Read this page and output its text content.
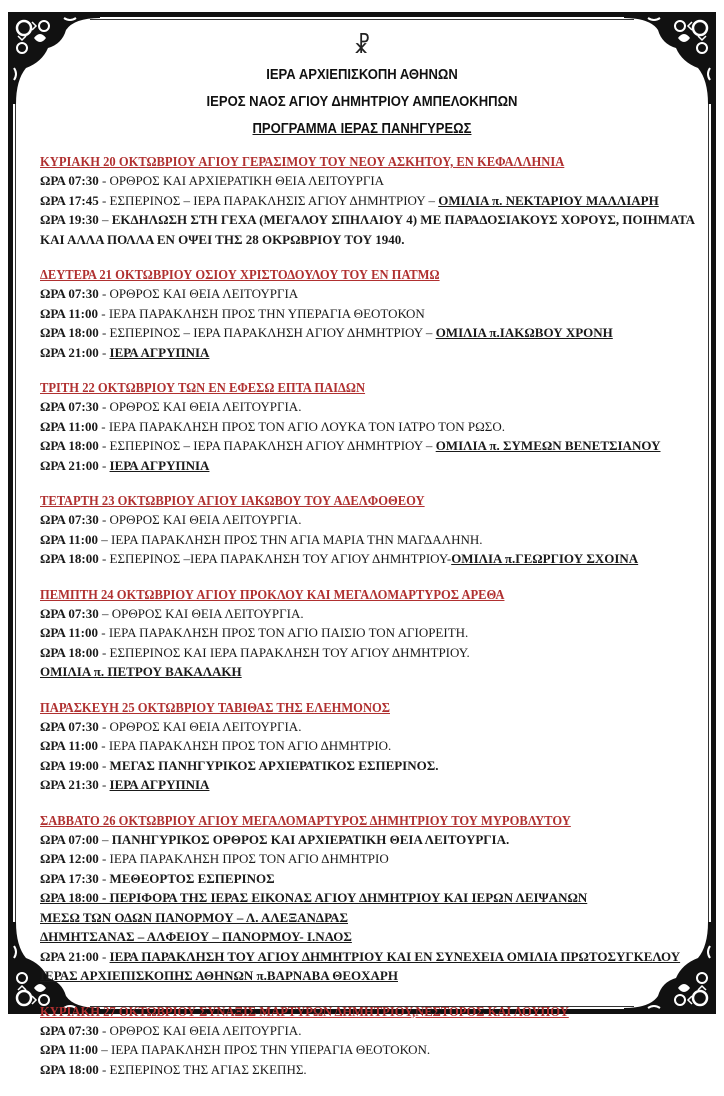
☧
ΙΕΡΑ ΑΡΧΙΕΠΙΣΚΟΠΗ ΑΘΗΝΩΝ
ΙΕΡΟΣ ΝΑΟΣ ΑΓΙΟΥ ΔΗΜΗΤΡΙΟΥ ΑΜΠΕΛΟΚΗΠΩΝ
ΠΡΟΓΡΑΜΜΑ ΙΕΡΑΣ ΠΑΝΗΓΥΡΕΩΣ
ΚΥΡΙΑΚΗ 20 ΟΚΤΩΒΡΙΟΥ ΑΓΙΟΥ ΓΕΡΑΣΙΜΟΥ ΤΟΥ ΝΕΟΥ ΑΣΚΗΤΟΥ, ΕΝ ΚΕΦΑΛΛΗΝΙΑ
ΩΡΑ 07:30 - ΟΡΘΡΟΣ ΚΑΙ ΑΡΧΙΕΡΑΤΙΚΗ ΘΕΙΑ ΛΕΙΤΟΥΡΓΙΑ
ΩΡΑ 17:45 - ΕΣΠΕΡΙΝΟΣ – ΙΕΡΑ ΠΑΡΑΚΛΗΣΙΣ ΑΓΙΟΥ ΔΗΜΗΤΡΙΟΥ – ΟΜΙΛΙΑ π. ΝΕΚΤΑΡΙΟΥ ΜΑΛΛΙΑΡΗ
ΩΡΑ 19:30 – ΕΚΔΗΛΩΣΗ ΣΤΗ ΓΕΧΑ (ΜΕΓΑΛΟΥ ΣΠΗΛΑΙΟΥ 4) ΜΕ ΠΑΡΑΔΟΣΙΑΚΟΥΣ ΧΟΡΟΥΣ, ΠΟΙΗΜΑΤΑ
ΚΑΙ ΑΛΛΑ ΠΟΛΛΑ ΕΝ ΟΨΕΙ ΤΗΣ 28 ΟΚΡΩΒΡΙΟΥ ΤΟΥ 1940.
ΔΕΥΤΕΡΑ 21 ΟΚΤΩΒΡΙΟΥ ΟΣΙΟΥ ΧΡΙΣΤΟΔΟΥΛΟΥ ΤΟΥ ΕΝ ΠΑΤΜΩ
ΩΡΑ 07:30 - ΟΡΘΡΟΣ ΚΑΙ ΘΕΙΑ ΛΕΙΤΟΥΡΓΙΑ
ΩΡΑ 11:00 - ΙΕΡΑ ΠΑΡΑΚΛΗΣΗ ΠΡΟΣ ΤΗΝ ΥΠΕΡΑΓΙΑ ΘΕΟΤΟΚΟΝ
ΩΡΑ 18:00 - ΕΣΠΕΡΙΝΟΣ – ΙΕΡΑ ΠΑΡΑΚΛΗΣΗ ΑΓΙΟΥ ΔΗΜΗΤΡΙΟΥ – ΟΜΙΛΙΑ π.ΙΑΚΩΒΟΥ ΧΡΟΝΗ
ΩΡΑ 21:00 - ΙΕΡΑ ΑΓΡΥΠΝΙΑ
ΤΡΙΤΗ 22 ΟΚΤΩΒΡΙΟΥ ΤΩΝ ΕΝ ΕΦΕΣΩ ΕΠΤΑ ΠΑΙΔΩΝ
ΩΡΑ 07:30 - ΟΡΘΡΟΣ ΚΑΙ ΘΕΙΑ ΛΕΙΤΟΥΡΓΙΑ.
ΩΡΑ 11:00 - ΙΕΡΑ ΠΑΡΑΚΛΗΣΗ ΠΡΟΣ ΤΟΝ ΑΓΙΟ ΛΟΥΚΑ ΤΟΝ ΙΑΤΡΟ ΤΟΝ ΡΩΣΟ.
ΩΡΑ 18:00 - ΕΣΠΕΡΙΝΟΣ – ΙΕΡΑ ΠΑΡΑΚΛΗΣΗ ΑΓΙΟΥ ΔΗΜΗΤΡΙΟΥ – ΟΜΙΛΙΑ π. ΣΥΜΕΩΝ ΒΕΝΕΤΣΙΑΝΟΥ
ΩΡΑ 21:00 - ΙΕΡΑ ΑΓΡΥΠΝΙΑ
ΤΕΤΑΡΤΗ 23 ΟΚΤΩΒΡΙΟΥ ΑΓΙΟΥ ΙΑΚΩΒΟΥ ΤΟΥ ΑΔΕΛΦΟΘΕΟΥ
ΩΡΑ 07:30 - ΟΡΘΡΟΣ ΚΑΙ ΘΕΙΑ ΛΕΙΤΟΥΡΓΙΑ.
ΩΡΑ 11:00 – ΙΕΡΑ ΠΑΡΑΚΛΗΣΗ ΠΡΟΣ ΤΗΝ ΑΓΙΑ ΜΑΡΙΑ ΤΗΝ ΜΑΓΔΑΛΗΝΗ.
ΩΡΑ 18:00 - ΕΣΠΕΡΙΝΟΣ –ΙΕΡΑ ΠΑΡΑΚΛΗΣΗ ΤΟΥ ΑΓΙΟΥ ΔΗΜΗΤΡΙΟΥ-ΟΜΙΛΙΑ π.ΓΕΩΡΓΙΟΥ ΣΧΟΙΝΑ
ΠΕΜΠΤΗ 24 ΟΚΤΩΒΡΙΟΥ ΑΓΙΟΥ ΠΡΟΚΛΟΥ ΚΑΙ ΜΕΓΑΛΟΜΑΡΤΥΡΟΣ ΑΡΕΘΑ
ΩΡΑ 07:30 – ΟΡΘΡΟΣ ΚΑΙ ΘΕΙΑ ΛΕΙΤΟΥΡΓΙΑ.
ΩΡΑ 11:00 - ΙΕΡΑ ΠΑΡΑΚΛΗΣΗ ΠΡΟΣ ΤΟΝ ΑΓΙΟ ΠΑΙΣΙΟ ΤΟΝ ΑΓΙΟΡΕΙΤΗ.
ΩΡΑ 18:00 - ΕΣΠΕΡΙΝΟΣ ΚΑΙ ΙΕΡΑ ΠΑΡΑΚΛΗΣΗ ΤΟΥ ΑΓΙΟΥ ΔΗΜΗΤΡΙΟΥ.
ΟΜΙΛΙΑ π. ΠΕΤΡΟΥ ΒΑΚΑΛΑΚΗ
ΠΑΡΑΣΚΕΥΗ 25 ΟΚΤΩΒΡΙΟΥ ΤΑΒΙΘΑΣ ΤΗΣ ΕΛΕΗΜΟΝΟΣ
ΩΡΑ 07:30 - ΟΡΘΡΟΣ ΚΑΙ ΘΕΙΑ ΛΕΙΤΟΥΡΓΙΑ.
ΩΡΑ 11:00 - ΙΕΡΑ ΠΑΡΑΚΛΗΣΗ ΠΡΟΣ ΤΟΝ ΑΓΙΟ ΔΗΜΗΤΡΙΟ.
ΩΡΑ 19:00 - ΜΕΓΑΣ ΠΑΝΗΓΥΡΙΚΟΣ ΑΡΧΙΕΡΑΤΙΚΟΣ ΕΣΠΕΡΙΝΟΣ.
ΩΡΑ 21:30 - ΙΕΡΑ ΑΓΡΥΠΝΙΑ
ΣΑΒΒΑΤΟ 26 ΟΚΤΩΒΡΙΟΥ ΑΓΙΟΥ ΜΕΓΑΛΟΜΑΡΤΥΡΟΣ ΔΗΜΗΤΡΙΟΥ ΤΟΥ ΜΥΡΟΒΛΥΤΟΥ
ΩΡΑ 07:00 – ΠΑΝΗΓΥΡΙΚΟΣ ΟΡΘΡΟΣ ΚΑΙ ΑΡΧΙΕΡΑΤΙΚΗ ΘΕΙΑ ΛΕΙΤΟΥΡΓΙΑ.
ΩΡΑ 12:00 - ΙΕΡΑ ΠΑΡΑΚΛΗΣΗ ΠΡΟΣ ΤΟΝ ΑΓΙΟ ΔΗΜΗΤΡΙΟ
ΩΡΑ 17:30 - ΜΕΘΕΟΡΤΟΣ ΕΣΠΕΡΙΝΟΣ
ΩΡΑ 18:00 - ΠΕΡΙΦΟΡΑ ΤΗΣ ΙΕΡΑΣ ΕΙΚΟΝΑΣ ΑΓΙΟΥ ΔΗΜΗΤΡΙΟΥ ΚΑΙ ΙΕΡΩΝ ΛΕΙΨΑΝΩΝ
ΜΕΣΩ ΤΩΝ ΟΔΩΝ ΠΑΝΟΡΜΟΥ – Λ. ΑΛΕΞΑΝΔΡΑΣ
ΔΗΜΗΤΣΑΝΑΣ – ΑΛΦΕΙΟΥ – ΠΑΝΟΡΜΟΥ- Ι.ΝΑΟΣ
ΩΡΑ 21:00 - ΙΕΡΑ ΠΑΡΑΚΛΗΣΗ ΤΟΥ ΑΓΙΟΥ ΔΗΜΗΤΡΙΟΥ ΚΑΙ ΕΝ ΣΥΝΕΧΕΙΑ ΟΜΙΛΙΑ ΠΡΩΤΟΣΥΓΚΕΛΟΥ
ΙΕΡΑΣ ΑΡΧΙΕΠΙΣΚΟΠΗΣ ΑΘΗΝΩΝ π.ΒΑΡΝΑΒΑ ΘΕΟΧΑΡΗ
ΚΥΡΙΑΚΗ 27 ΟΚΤΩΒΡΙΟΥ ΣΥΝΑΞΙΣ ΜΑΡΤΥΡΩΝ ΔΗΜΗΤΡΙΟΥ,ΝΕΣΤΟΡΟΣ ΚΑΙ ΛΟΥΠΟΥ
ΩΡΑ 07:30 - ΟΡΘΡΟΣ ΚΑΙ ΘΕΙΑ ΛΕΙΤΟΥΡΓΙΑ.
ΩΡΑ 11:00 – ΙΕΡΑ ΠΑΡΑΚΛΗΣΗ ΠΡΟΣ ΤΗΝ ΥΠΕΡΑΓΙΑ ΘΕΟΤΟΚΟΝ.
ΩΡΑ 18:00 - ΕΣΠΕΡΙΝΟΣ ΤΗΣ ΑΓΙΑΣ ΣΚΕΠΗΣ.
